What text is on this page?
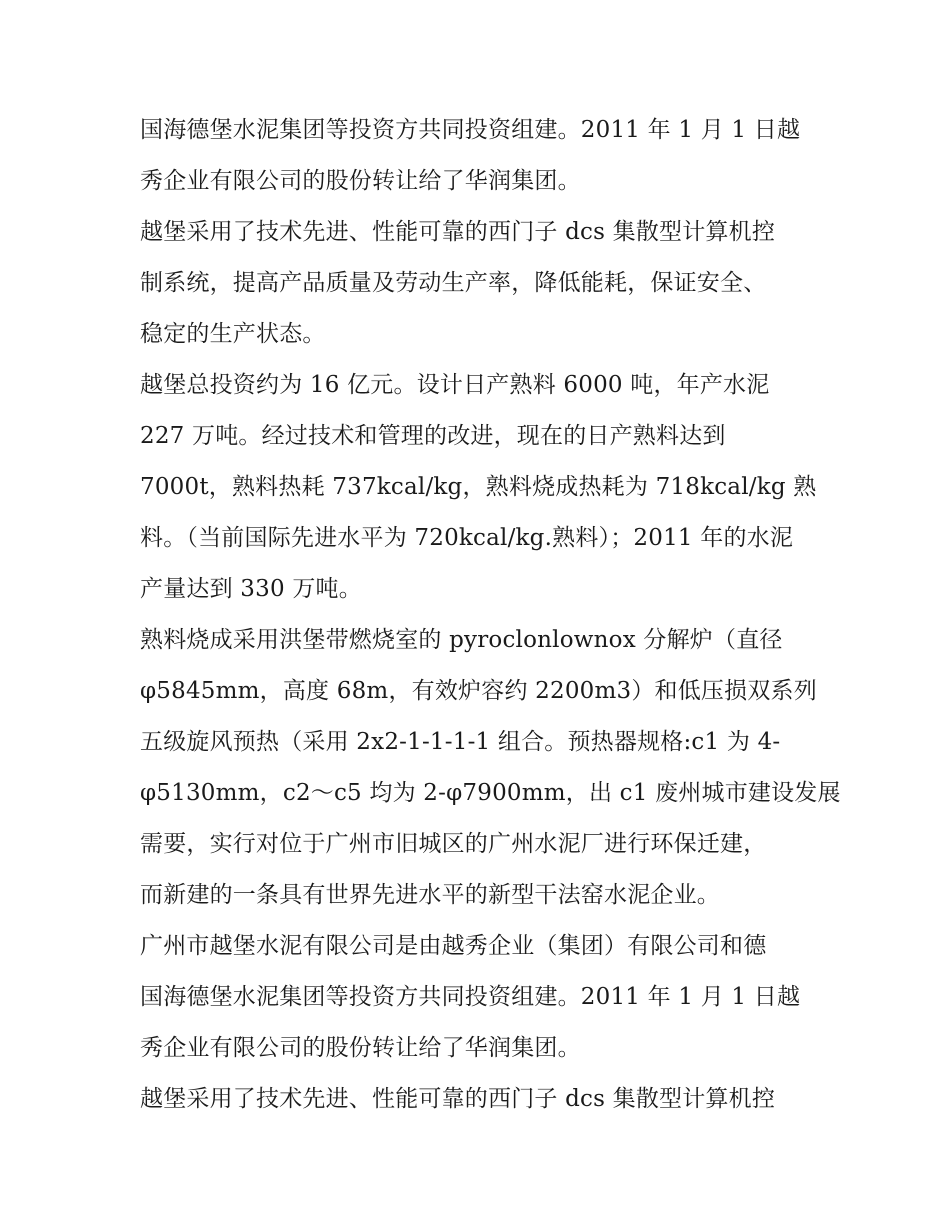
国海德堡水泥集团等投资方共同投资组建。2011 年 1 月 1 日越
秀企业有限公司的股份转让给了华润集团。
越堡采用了技术先进、性能可靠的西门子 dcs 集散型计算机控
制系统，提高产品质量及劳动生产率，降低能耗，保证安全、
稳定的生产状态。
越堡总投资约为 16 亿元。设计日产熟料 6000 吨，年产水泥
227 万吨。经过技术和管理的改进，现在的日产熟料达到
7000t，熟料热耗 737kcal/kg，熟料烧成热耗为 718kcal/kg 熟
料。（当前国际先进水平为 720kcal/kg.熟料）；2011 年的水泥
产量达到 330 万吨。
熟料烧成采用洪堡带燃烧室的 pyroclonlownox 分解炉（直径
φ5845mm，高度 68m，有效炉容约 2200m3）和低压损双系列
五级旋风预热（采用 2x2-1-1-1-1 组合。预热器规格:c1 为 4-
φ5130mm，c2～c5 均为 2-φ7900mm，出 c1 废州城市建设发展
需要，实行对位于广州市旧城区的广州水泥厂进行环保迁建，
而新建的一条具有世界先进水平的新型干法窑水泥企业。
广州市越堡水泥有限公司是由越秀企业（集团）有限公司和德
国海德堡水泥集团等投资方共同投资组建。2011 年 1 月 1 日越
秀企业有限公司的股份转让给了华润集团。
越堡采用了技术先进、性能可靠的西门子 dcs 集散型计算机控
